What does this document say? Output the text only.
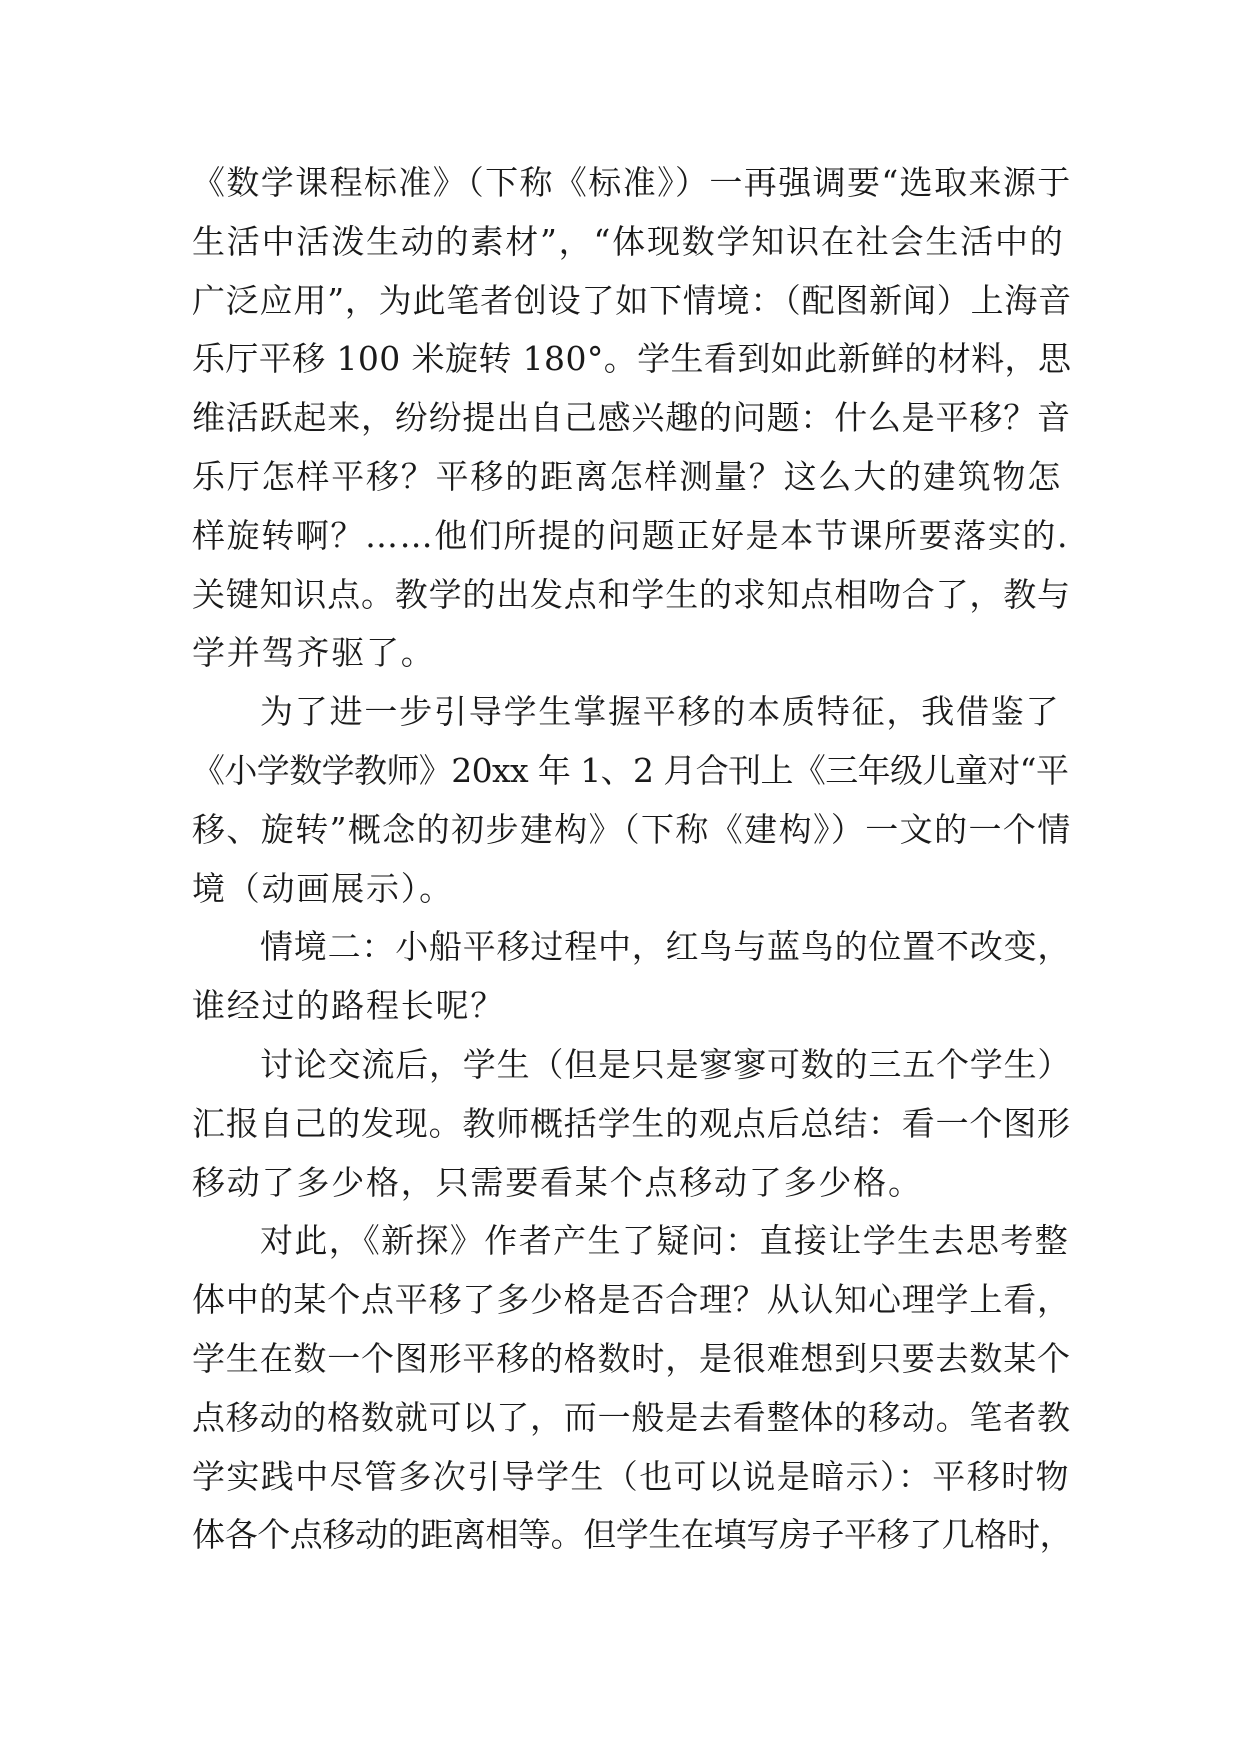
《数学课程标准》（下称《标准》）一再强调要“选取来源于
生活中活泼生动的素材”，“体现数学知识在社会生活中的
广泛应用”，为此笔者创设了如下情境：（配图新闻）上海音
乐厅平移 100 米旋转 180°。学生看到如此新鲜的材料，思
维活跃起来，纷纷提出自己感兴趣的问题：什么是平移？音
乐厅怎样平移？平移的距离怎样测量？这么大的建筑物怎
样旋转啊？……他们所提的问题正好是本节课所要落实的.
关键知识点。教学的出发点和学生的求知点相吻合了，教与
学并驾齐驱了。
为了进一步引导学生掌握平移的本质特征，我借鉴了
《小学数学教师》20xx 年 1、2 月合刊上《三年级儿童对“平
移、旋转”概念的初步建构》（下称《建构》）一文的一个情
境（动画展示）。
情境二：小船平移过程中，红鸟与蓝鸟的位置不改变，
谁经过的路程长呢？
讨论交流后，学生（但是只是寥寥可数的三五个学生）
汇报自己的发现。教师概括学生的观点后总结：看一个图形
移动了多少格，只需要看某个点移动了多少格。
对此，《新探》作者产生了疑问：直接让学生去思考整
体中的某个点平移了多少格是否合理？从认知心理学上看，
学生在数一个图形平移的格数时，是很难想到只要去数某个
点移动的格数就可以了，而一般是去看整体的移动。笔者教
学实践中尽管多次引导学生（也可以说是暗示）：平移时物
体各个点移动的距离相等。但学生在填写房子平移了几格时，
